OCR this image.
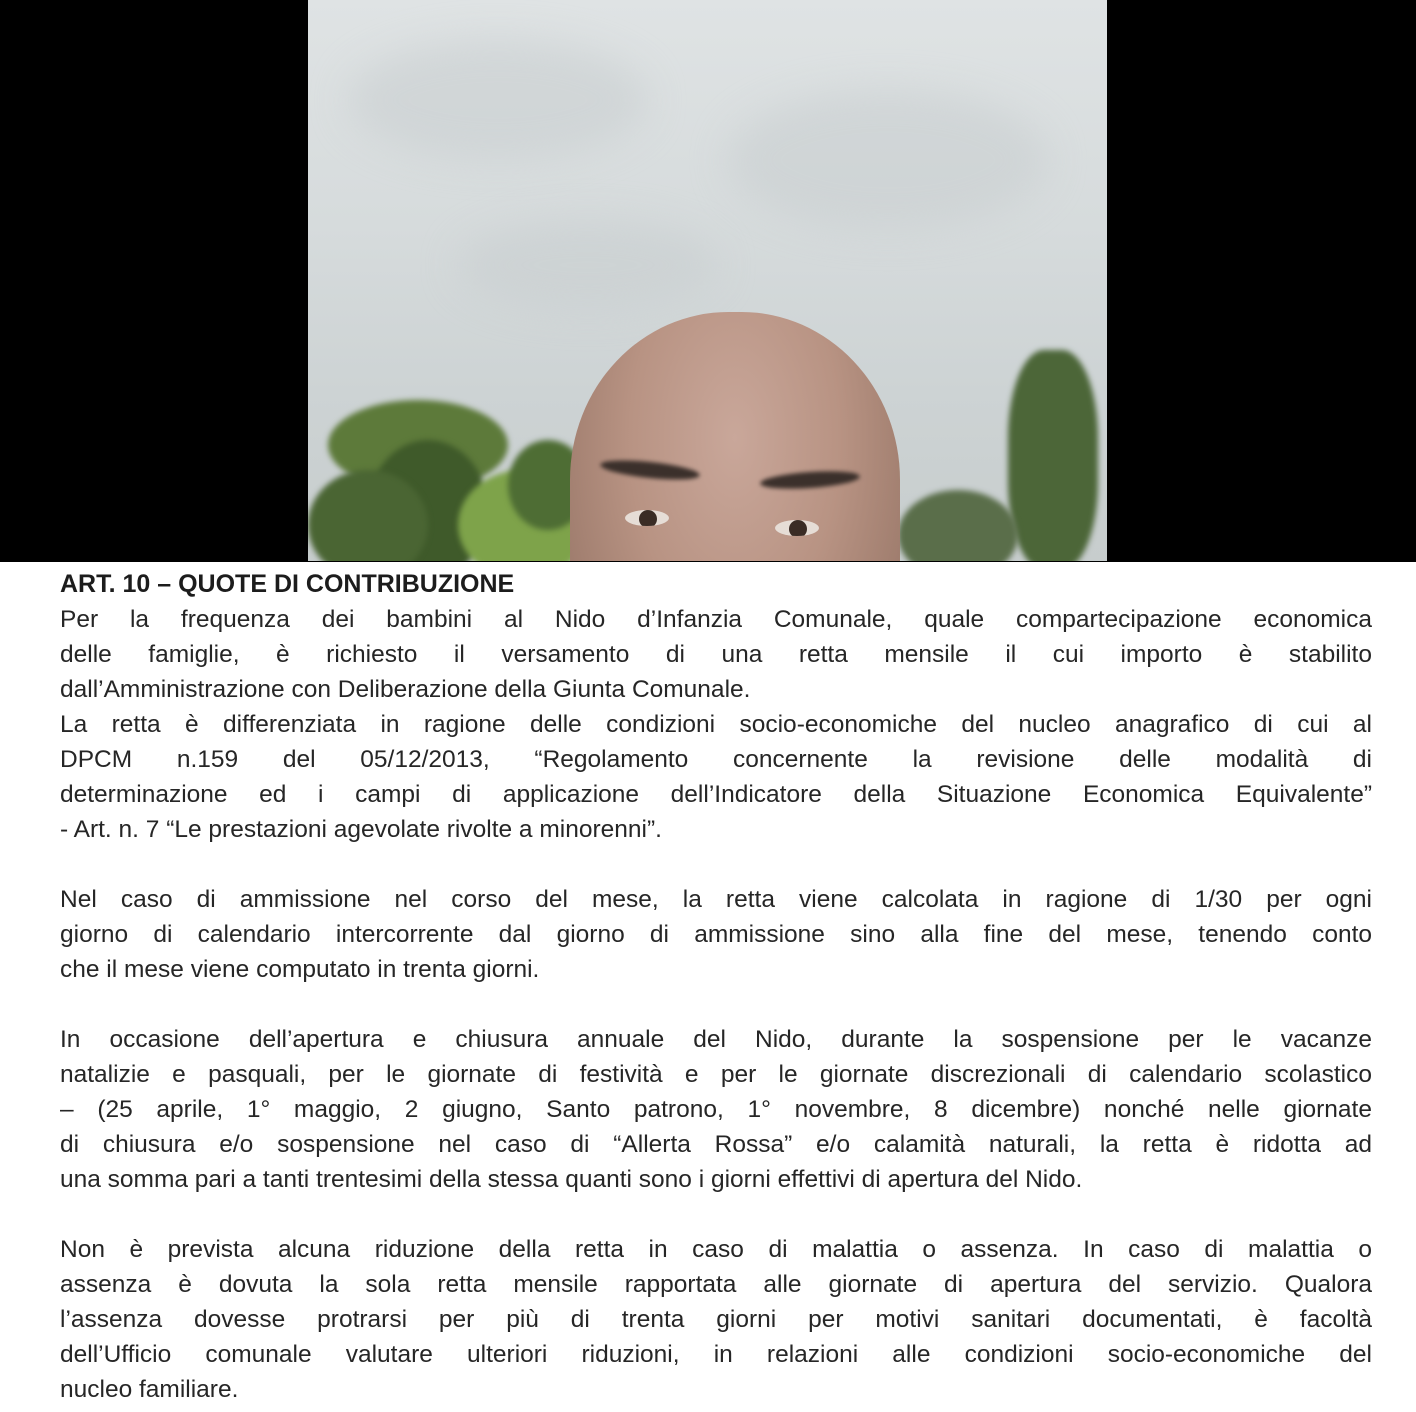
ART. 10 – QUOTE DI CONTRIBUZIONE

Per la frequenza dei bambini al Nido d’Infanzia Comunale, quale compartecipazione economica
delle famiglie, è richiesto il versamento di una retta mensile il cui importo è stabilito
dall’Amministrazione con Deliberazione della Giunta Comunale.

La retta è differenziata in ragione delle condizioni socio-economiche del nucleo anagrafico di cui al
DPCM n.159 del 05/12/2013, “Regolamento concernente la revisione delle modalità di
determinazione ed i campi di applicazione dell’Indicatore della Situazione Economica Equivalente”
- Art. n. 7 “Le prestazioni agevolate rivolte a minorenni”.

Nel caso di ammissione nel corso del mese, la retta viene calcolata in ragione di 1/30 per ogni
giorno di calendario intercorrente dal giorno di ammissione sino alla fine del mese, tenendo conto
che il mese viene computato in trenta giorni.

In occasione dell’apertura e chiusura annuale del Nido, durante la sospensione per le vacanze
natalizie e pasquali, per le giornate di festività e per le giornate discrezionali di calendario scolastico
– (25 aprile, 1° maggio, 2 giugno, Santo patrono, 1° novembre, 8 dicembre) nonché nelle giornate
di chiusura e/o sospensione nel caso di “Allerta Rossa” e/o calamità naturali, la retta è ridotta ad
una somma pari a tanti trentesimi della stessa quanti sono i giorni effettivi di apertura del Nido.

Non è prevista alcuna riduzione della retta in caso di malattia o assenza. In caso di malattia o
assenza è dovuta la sola retta mensile rapportata alle giornate di apertura del servizio. Qualora
l’assenza dovesse protrarsi per più di trenta giorni per motivi sanitari documentati, è facoltà
dell’Ufficio comunale valutare ulteriori riduzioni, in relazioni alle condizioni socio-economiche del
nucleo familiare.
